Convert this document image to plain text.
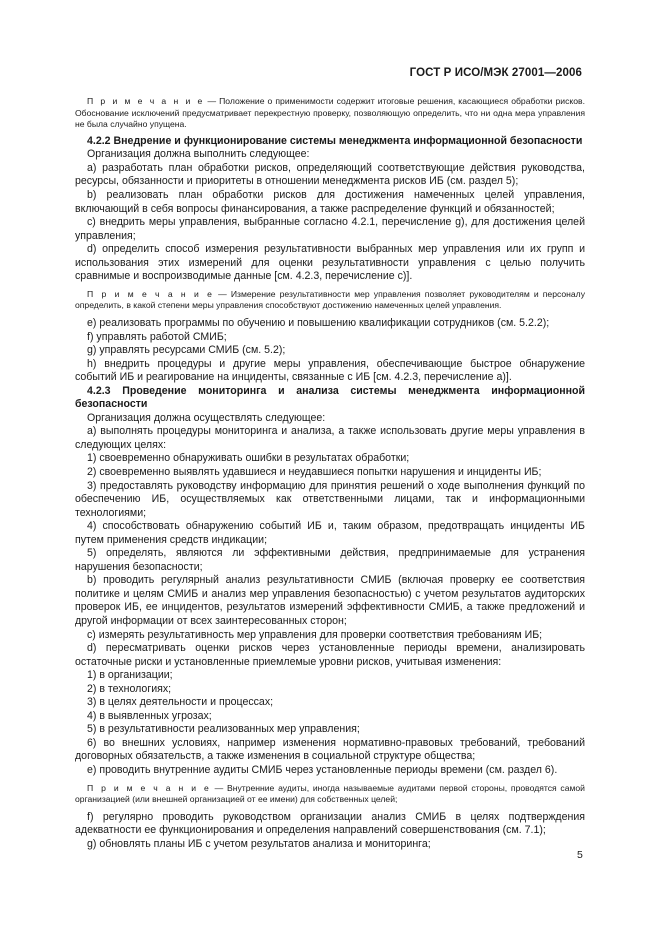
ГОСТ Р ИСО/МЭК 27001—2006

П р и м е ч а н и е — Положение о применимости содержит итоговые решения, касающиеся обработки рисков. Обоснование исключений предусматривает перекрестную проверку, позволяющую определить, что ни одна мера управления не была случайно упущена.

4.2.2 Внедрение и функционирование системы менеджмента информационной безопасности

Организация должна выполнить следующее:

а) разработать план обработки рисков, определяющий соответствующие действия руководства, ресурсы, обязанности и приоритеты в отношении менеджмента рисков ИБ (см. раздел 5);

b) реализовать план обработки рисков для достижения намеченных целей управления, включающий в себя вопросы финансирования, а также распределение функций и обязанностей;

с) внедрить меры управления, выбранные согласно 4.2.1, перечисление g), для достижения целей управления;

d) определить способ измерения результативности выбранных мер управления или их групп и использования этих измерений для оценки результативности управления с целью получить сравнимые и воспроизводимые данные [см. 4.2.3, перечисление с)].

П р и м е ч а н и е — Измерение результативности мер управления позволяет руководителям и персоналу определить, в какой степени меры управления способствуют достижению намеченных целей управления.

е) реализовать программы по обучению и повышению квалификации сотрудников (см. 5.2.2);

f) управлять работой СМИБ;

g) управлять ресурсами СМИБ (см. 5.2);

h) внедрить процедуры и другие меры управления, обеспечивающие быстрое обнаружение событий ИБ и реагирование на инциденты, связанные с ИБ [см. 4.2.3, перечисление а)].

4.2.3 Проведение мониторинга и анализа системы менеджмента информационной безопасности

Организация должна осуществлять следующее:

а) выполнять процедуры мониторинга и анализа, а также использовать другие меры управления в следующих целях:

1) своевременно обнаруживать ошибки в результатах обработки;

2) своевременно выявлять удавшиеся и неудавшиеся попытки нарушения и инциденты ИБ;

3) предоставлять руководству информацию для принятия решений о ходе выполнения функций по обеспечению ИБ, осуществляемых как ответственными лицами, так и информационными технологиями;

4) способствовать обнаружению событий ИБ и, таким образом, предотвращать инциденты ИБ путем применения средств индикации;

5) определять, являются ли эффективными действия, предпринимаемые для устранения нарушения безопасности;

b) проводить регулярный анализ результативности СМИБ (включая проверку ее соответствия политике и целям СМИБ и анализ мер управления безопасностью) с учетом результатов аудиторских проверок ИБ, ее инцидентов, результатов измерений эффективности СМИБ, а также предложений и другой информации от всех заинтересованных сторон;

с) измерять результативность мер управления для проверки соответствия требованиям ИБ;

d) пересматривать оценки рисков через установленные периоды времени, анализировать остаточные риски и установленные приемлемые уровни рисков, учитывая изменения:

1) в организации;

2) в технологиях;

3) в целях деятельности и процессах;

4) в выявленных угрозах;

5) в результативности реализованных мер управления;

6) во внешних условиях, например изменения нормативно-правовых требований, требований договорных обязательств, а также изменения в социальной структуре общества;

е) проводить внутренние аудиты СМИБ через установленные периоды времени (см. раздел 6).

П р и м е ч а н и е — Внутренние аудиты, иногда называемые аудитами первой стороны, проводятся самой организацией (или внешней организацией от ее имени) для собственных целей;

f) регулярно проводить руководством организации анализ СМИБ в целях подтверждения адекватности ее функционирования и определения направлений совершенствования (см. 7.1);

g) обновлять планы ИБ с учетом результатов анализа и мониторинга;

5
